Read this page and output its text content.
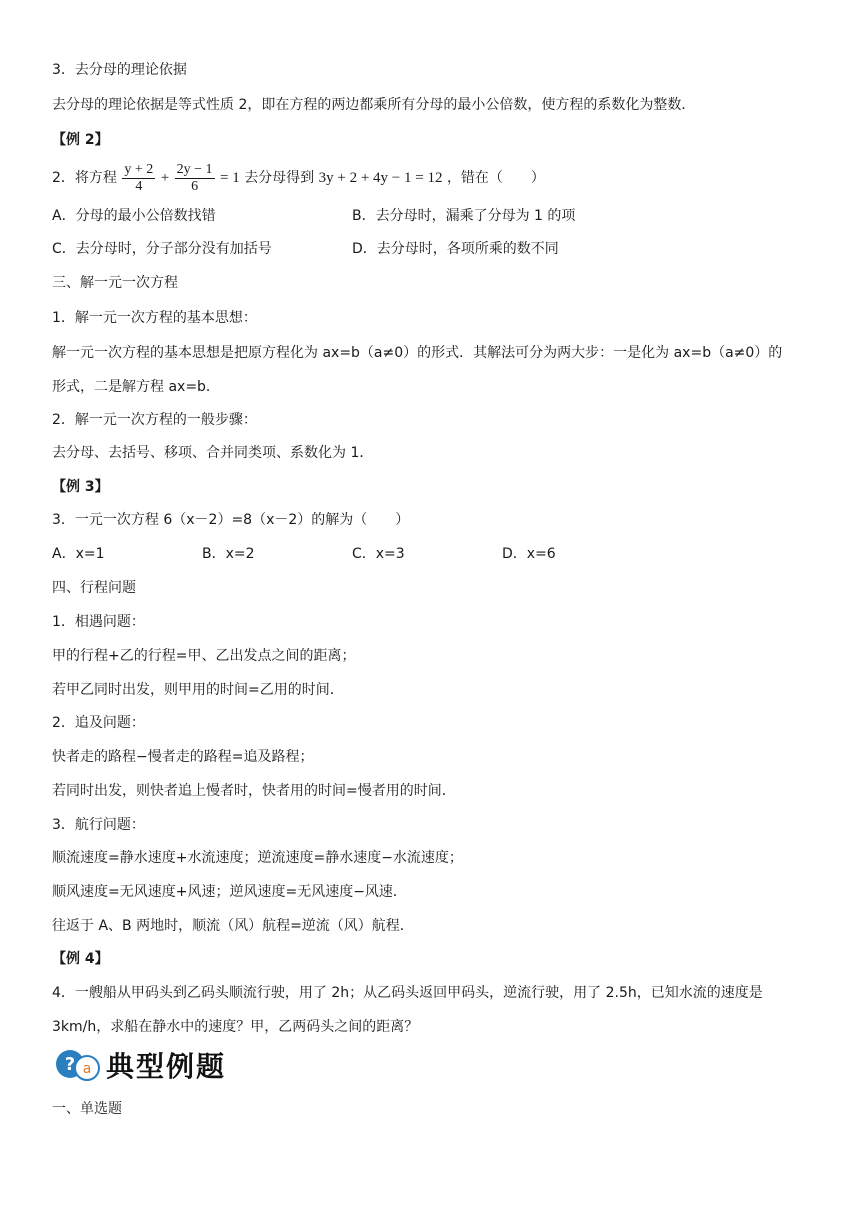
3．去分母的理论依据
去分母的理论依据是等式性质 2，即在方程的两边都乘所有分母的最小公倍数，使方程的系数化为整数．
【例 2】
2．将方程 $\frac{y + 2}{4} + \frac{2y - 1}{6} = 1$ 去分母得到 3y + 2 + 4y − 1 = 12 ，错在（　　）
A．分母的最小公倍数找错	B．去分母时，漏乘了分母为 1 的项
C．去分母时，分子部分没有加括号	D．去分母时，各项所乘的数不同
三、解一元一次方程
1．解一元一次方程的基本思想：
解一元一次方程的基本思想是把原方程化为 ax=b（a≠0）的形式．其解法可分为两大步：一是化为 ax=b（a≠0）的
形式，二是解方程 ax=b．
2．解一元一次方程的一般步骤：
去分母、去括号、移项、合并同类项、系数化为 1．
【例 3】
3．一元一次方程 6（x－2）=8（x－2）的解为（　　）
A．x=1	B．x=2	C．x=3	D．x=6
四、行程问题
1．相遇问题：
甲的行程+乙的行程=甲、乙出发点之间的距离；
若甲乙同时出发，则甲用的时间=乙用的时间．
2．追及问题：
快者走的路程−慢者走的路程=追及路程；
若同时出发，则快者追上慢者时，快者用的时间=慢者用的时间．
3．航行问题：
顺流速度=静水速度+水流速度；逆流速度=静水速度−水流速度；
顺风速度=无风速度+风速；逆风速度=无风速度−风速．
往返于 A、B 两地时，顺流（风）航程=逆流（风）航程．
【例 4】
4．一艘船从甲码头到乙码头顺流行驶，用了 2h；从乙码头返回甲码头，逆流行驶，用了 2.5h，已知水流的速度是
3km/h，求船在静水中的速度？甲，乙两码头之间的距离？
? a 典型例题
一、单选题
